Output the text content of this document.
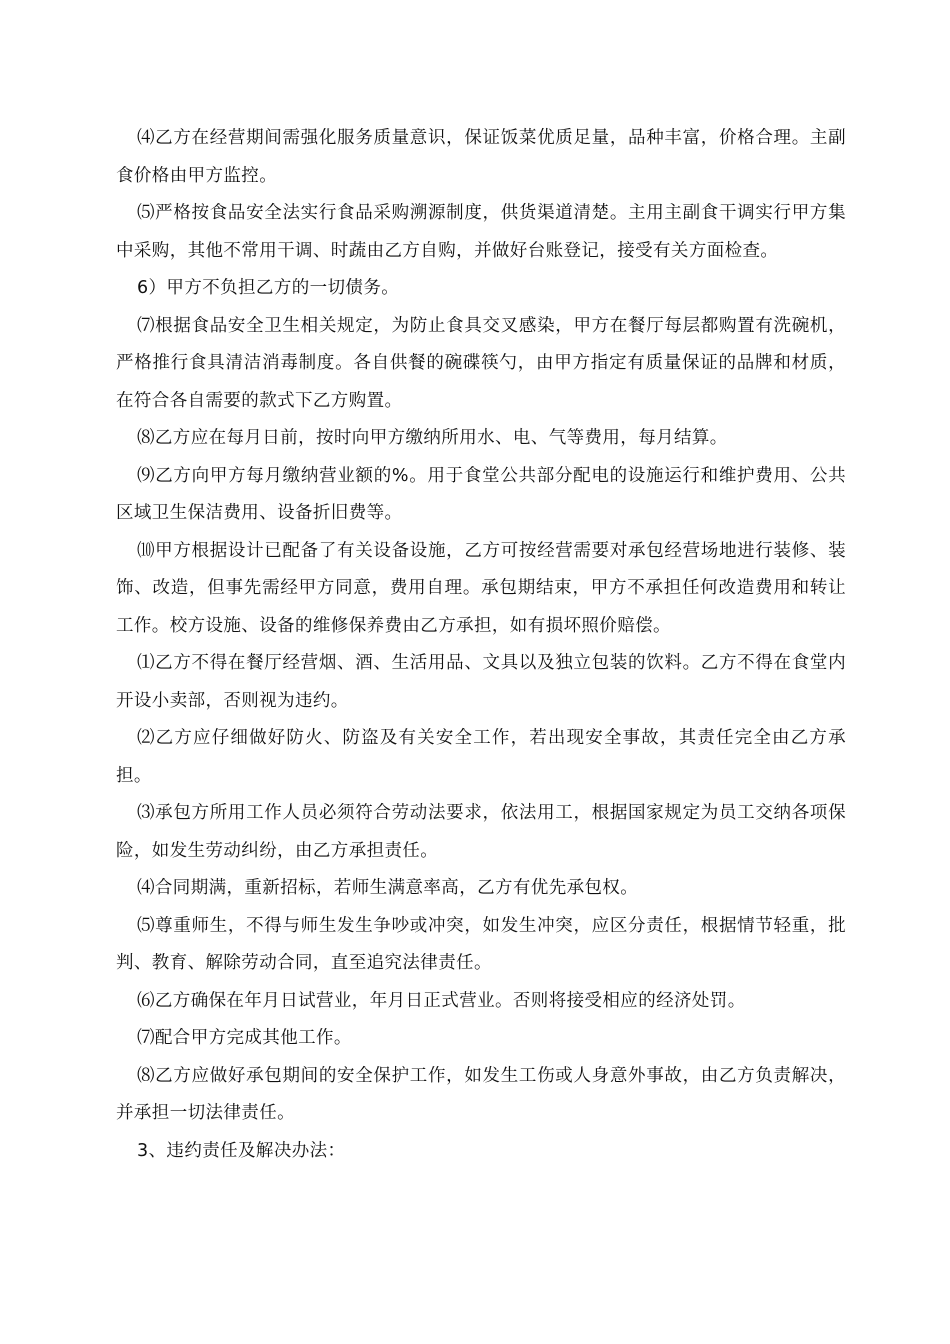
⑷乙方在经营期间需强化服务质量意识，保证饭菜优质足量，品种丰富，价格合理。主副食价格由甲方监控。

⑸严格按食品安全法实行食品采购溯源制度，供货渠道清楚。主用主副食干调实行甲方集中采购，其他不常用干调、时蔬由乙方自购，并做好台账登记，接受有关方面检查。

6）甲方不负担乙方的一切债务。

⑺根据食品安全卫生相关规定，为防止食具交叉感染，甲方在餐厅每层都购置有洗碗机，严格推行食具清洁消毒制度。各自供餐的碗碟筷勺，由甲方指定有质量保证的品牌和材质，在符合各自需要的款式下乙方购置。

⑻乙方应在每月日前，按时向甲方缴纳所用水、电、气等费用，每月结算。

⑼乙方向甲方每月缴纳营业额的%。用于食堂公共部分配电的设施运行和维护费用、公共区域卫生保洁费用、设备折旧费等。

⑽甲方根据设计已配备了有关设备设施，乙方可按经营需要对承包经营场地进行装修、装饰、改造，但事先需经甲方同意，费用自理。承包期结束，甲方不承担任何改造费用和转让工作。校方设施、设备的维修保养费由乙方承担，如有损坏照价赔偿。

⑴乙方不得在餐厅经营烟、酒、生活用品、文具以及独立包装的饮料。乙方不得在食堂内开设小卖部，否则视为违约。

⑵乙方应仔细做好防火、防盗及有关安全工作，若出现安全事故，其责任完全由乙方承担。

⑶承包方所用工作人员必须符合劳动法要求，依法用工，根据国家规定为员工交纳各项保险，如发生劳动纠纷，由乙方承担责任。

⑷合同期满，重新招标，若师生满意率高，乙方有优先承包权。

⑸尊重师生，不得与师生发生争吵或冲突，如发生冲突，应区分责任，根据情节轻重，批判、教育、解除劳动合同，直至追究法律责任。

⑹乙方确保在年月日试营业，年月日正式营业。否则将接受相应的经济处罚。

⑺配合甲方完成其他工作。

⑻乙方应做好承包期间的安全保护工作，如发生工伤或人身意外事故，由乙方负责解决，并承担一切法律责任。

3、违约责任及解决办法：
